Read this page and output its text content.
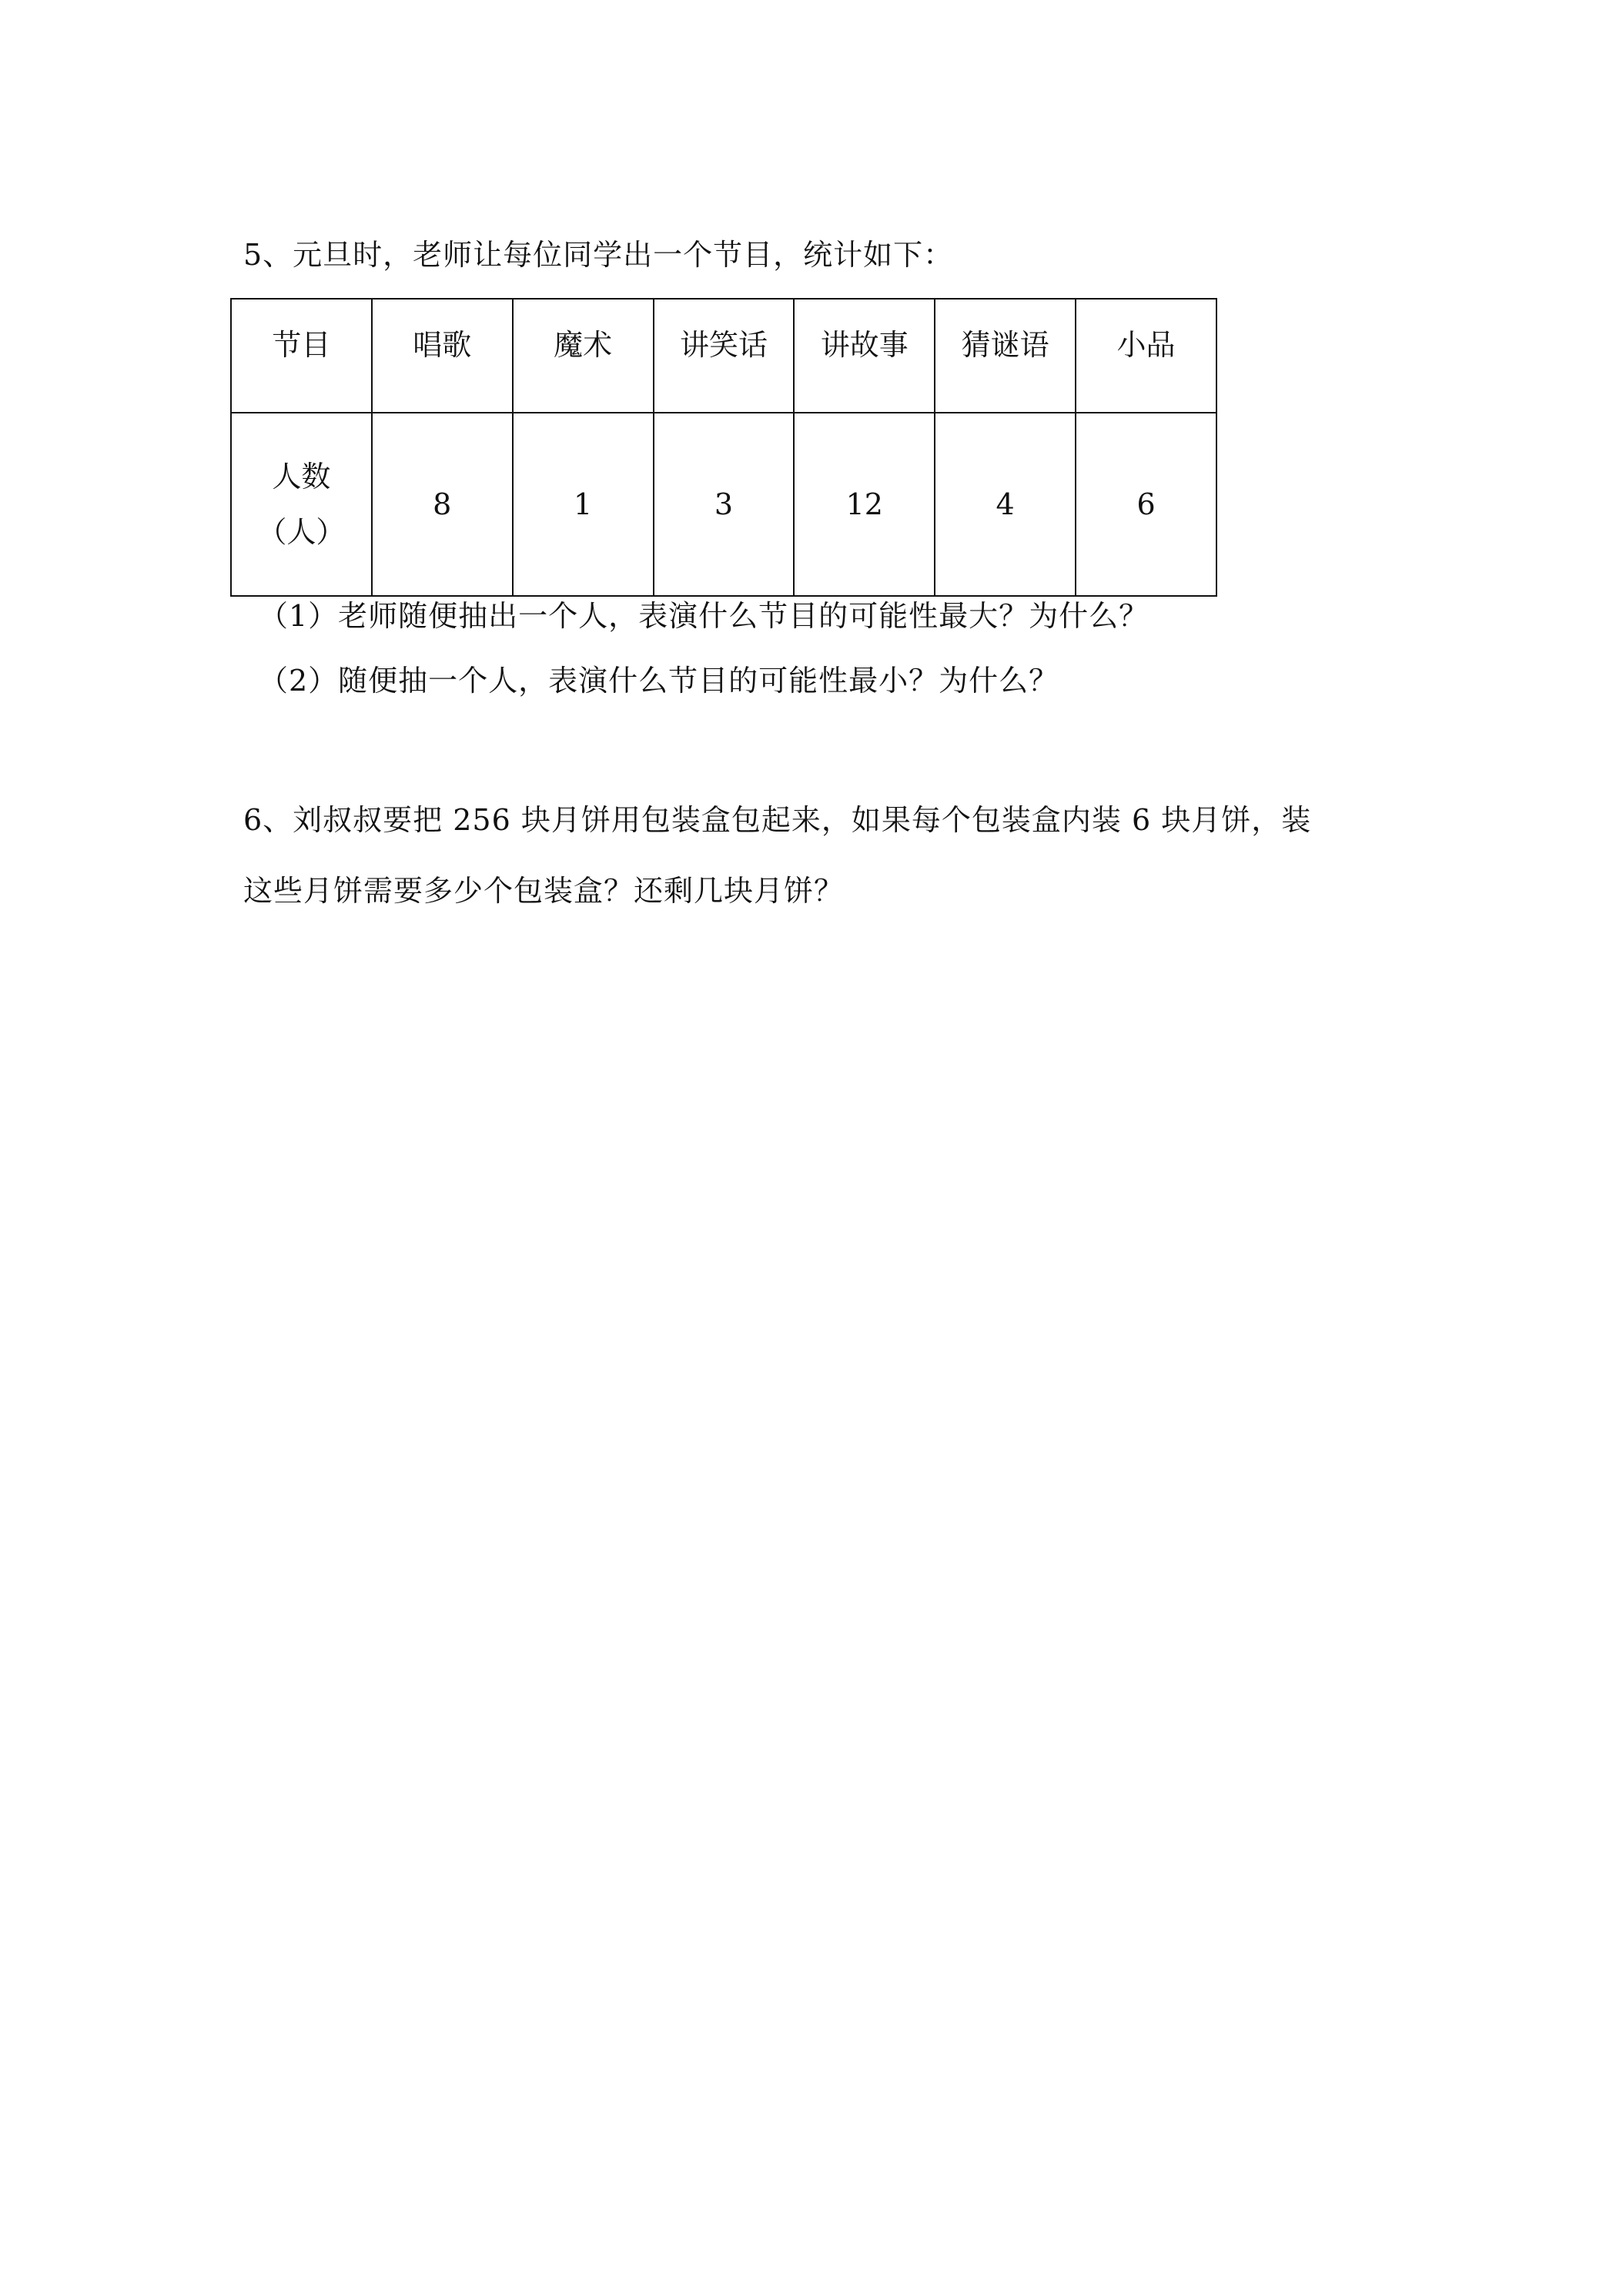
5、元旦时，老师让每位同学出一个节目，统计如下：
节目	唱歌	魔术	讲笑话	讲故事	猜谜语	小品

人数
（人）	8	1	3	12	4	6
（1）老师随便抽出一个人，表演什么节目的可能性最大？为什么？
（2）随便抽一个人，表演什么节目的可能性最小？为什么？
6、刘叔叔要把 256 块月饼用包装盒包起来，如果每个包装盒内装 6 块月饼，装
这些月饼需要多少个包装盒？还剩几块月饼？
